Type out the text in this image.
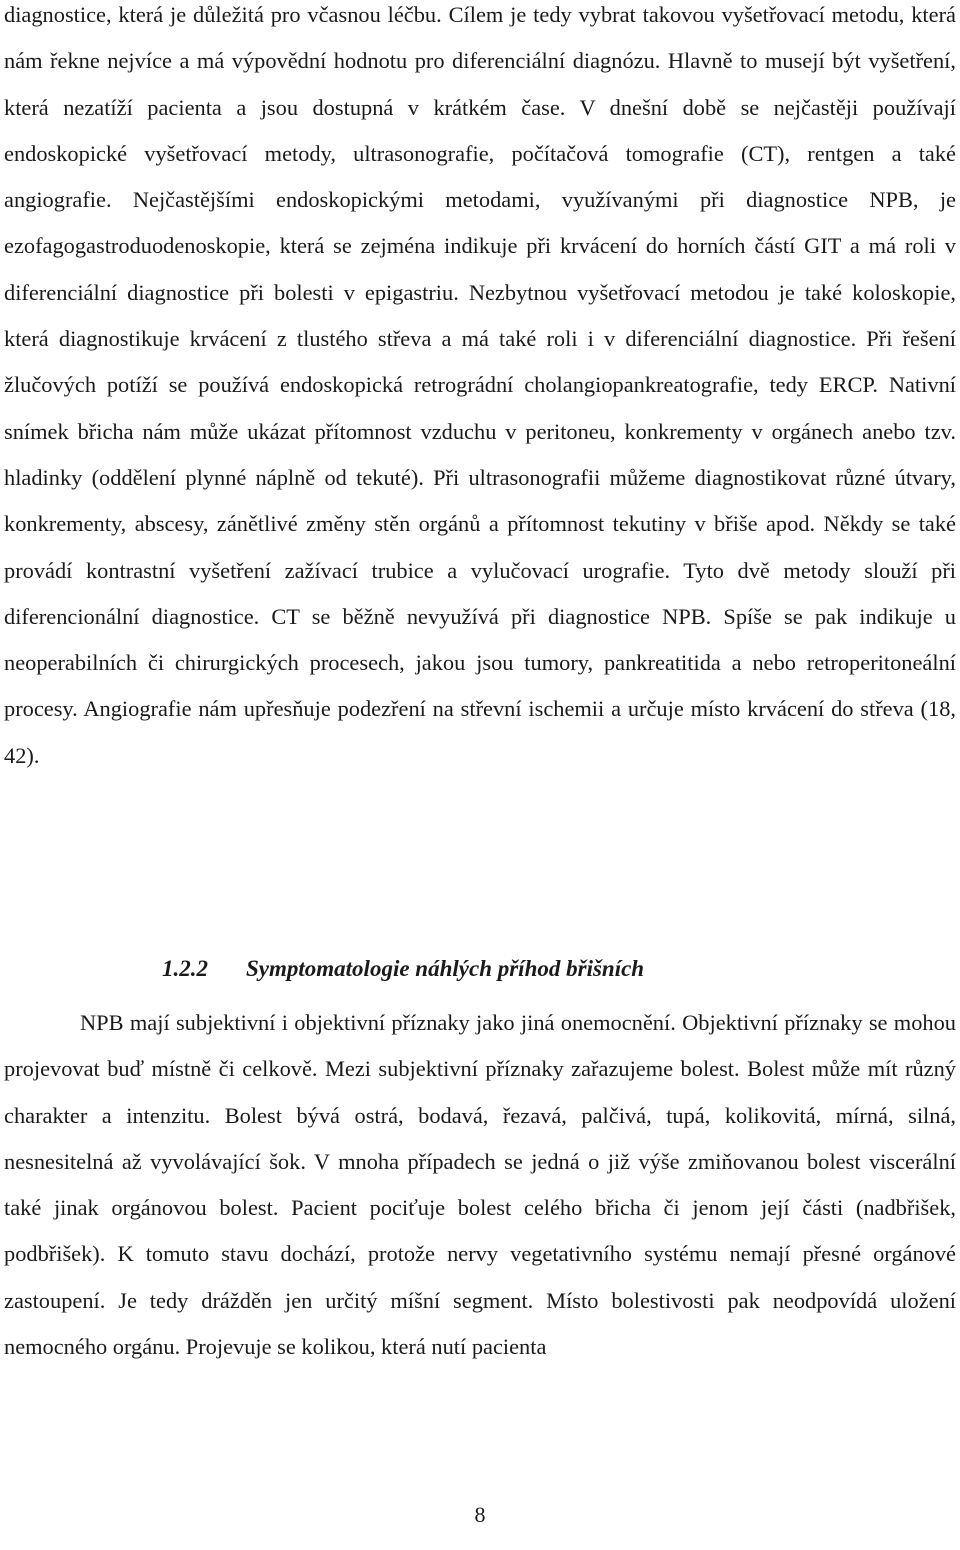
diagnostice, která je důležitá pro včasnou léčbu. Cílem je tedy vybrat takovou vyšetřovací metodu, která nám řekne nejvíce a má výpovědní hodnotu pro diferenciální diagnózu. Hlavně to musejí být vyšetření, která nezatíží pacienta a jsou dostupná v krátkém čase. V dnešní době se nejčastěji používají endoskopické vyšetřovací metody, ultrasonografie, počítačová tomografie (CT), rentgen a také angiografie. Nejčastějšími endoskopickými metodami, využívanými při diagnostice NPB, je ezofagogastroduodenoskopie, která se zejména indikuje při krvácení do horních částí GIT a má roli v diferenciální diagnostice při bolesti v epigastriu. Nezbytnou vyšetřovací metodou je také koloskopie, která diagnostikuje krvácení z tlustého střeva a má také roli i v diferenciální diagnostice. Při řešení žlučových potíží se používá endoskopická retrográdní cholangiopankreatografie, tedy ERCP. Nativní snímek břicha nám může ukázat přítomnost vzduchu v peritoneu, konkrementy v orgánech anebo tzv. hladinky (oddělení plynné náplně od tekuté). Při ultrasonografii můžeme diagnostikovat různé útvary, konkrementy, abscesy, zánětlivé změny stěn orgánů a přítomnost tekutiny v břiše apod. Někdy se také provádí kontrastní vyšetření zažívací trubice a vylučovací urografie. Tyto dvě metody slouží při diferencionální diagnostice. CT se běžně nevyužívá při diagnostice NPB. Spíše se pak indikuje u neoperabilních či chirurgických procesech, jakou jsou tumory, pankreatitida a nebo retroperitoneální procesy. Angiografie nám upřesňuje podezření na střevní ischemii a určuje místo krvácení do střeva (18, 42).

1.2.2 Symptomatologie náhlých příhod břišních

NPB mají subjektivní i objektivní příznaky jako jiná onemocnění. Objektivní příznaky se mohou projevovat buď místně či celkově. Mezi subjektivní příznaky zařazujeme bolest. Bolest může mít různý charakter a intenzitu. Bolest bývá ostrá, bodavá, řezavá, palčivá, tupá, kolikovitá, mírná, silná, nesnesitelná až vyvolávající šok. V mnoha případech se jedná o již výše zmiňovanou bolest viscerální také jinak orgánovou bolest. Pacient pociťuje bolest celého břicha či jenom její části (nadbřišek, podbřišek). K tomuto stavu dochází, protože nervy vegetativního systému nemají přesné orgánové zastoupení. Je tedy drážděn jen určitý míšní segment. Místo bolestivosti pak neodpovídá uložení nemocného orgánu. Projevuje se kolikou, která nutí pacienta

8
